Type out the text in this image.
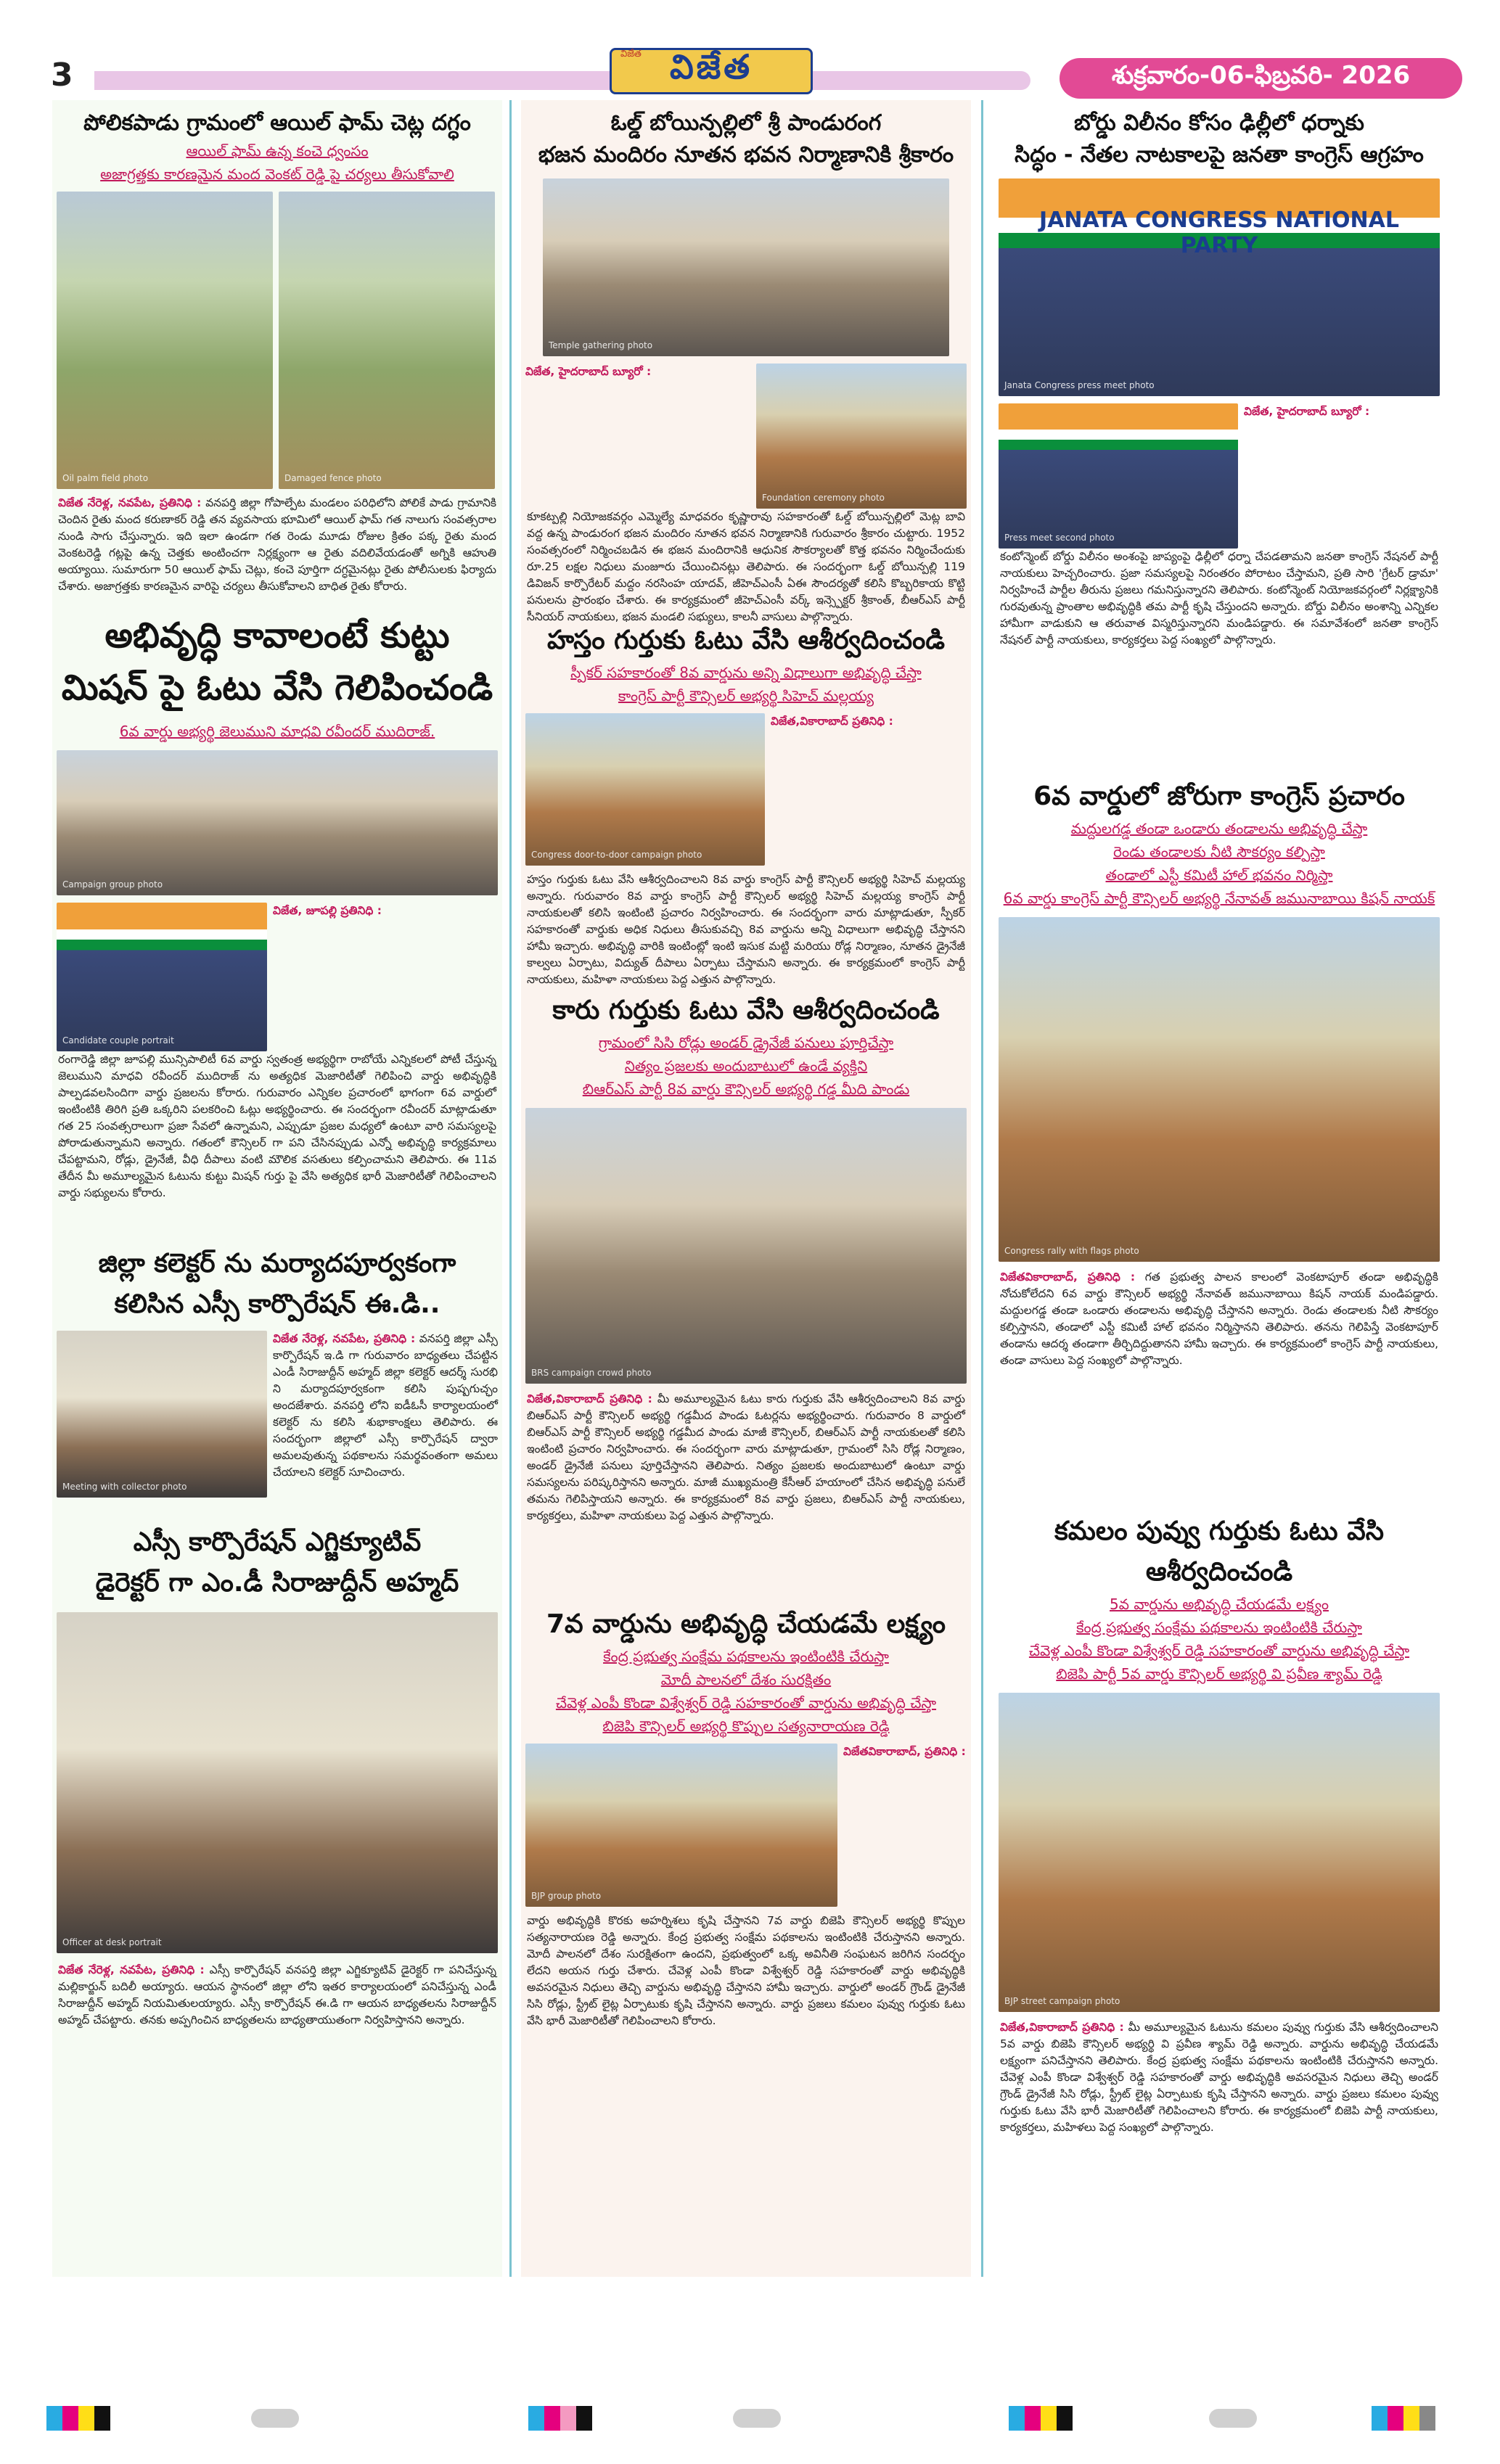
3
విజేత విజేత	శుక్రవారం-06-ఫిబ్రవరి- 2026
పోలికపాడు గ్రామంలో ఆయిల్ ఫామ్ చెట్ల దగ్ధం
ఆయిల్ ఫామ్ ఉన్న కంచె ధ్వంసం
అజాగ్రత్తకు కారణమైన మంద వెంకట్ రెడ్డి పై చర్యలు తీసుకోవాలి
Oil palm field photo	Damaged fence photo

విజేత నేరెళ్ల, నవపేట, ప్రతినిధి : వనపర్తి జిల్లా గోపాల్పేట మండలం పరిధిలోని పోలికే పాడు గ్రామానికి చెందిన రైతు మంద కరుణాకర్ రెడ్డి తన వ్యవసాయ భూమిలో ఆయిల్ ఫామ్ గత నాలుగు సంవత్సరాల నుండి సాగు చేస్తున్నారు. ఇది ఇలా ఉండగా గత రెండు మూడు రోజుల క్రితం పక్క రైతు మంద వెంకటరెడ్డి గట్లపై ఉన్న చెత్తకు అంటించగా నిర్లక్ష్యంగా ఆ రైతు వదిలివేయడంతో అగ్నికి ఆహుతి అయ్యాయి. సుమారుగా 50 ఆయిల్ ఫామ్ చెట్లు, కంచె పూర్తిగా దగ్ధమైనట్లు రైతు పోలీసులకు ఫిర్యాదు చేశారు. అజాగ్రత్తకు కారణమైన వారిపై చర్యలు తీసుకోవాలని బాధిత రైతు కోరారు.

అభివృద్ధి కావాలంటే కుట్టు
మిషన్ పై ఓటు వేసి గెలిపించండి
6వ వార్డు అభ్యర్థి జెలుముని మాధవి రవీందర్ ముదిరాజ్.
Campaign group photo
Candidate couple portrait

విజేత, జూపల్లి ప్రతినిధి :

రంగారెడ్డి జిల్లా జూపల్లి మున్సిపాలిటీ 6వ వార్డు స్వతంత్ర అభ్యర్థిగా రాబోయే ఎన్నికలలో పోటీ చేస్తున్న జెలుముని మాధవి రవీందర్ ముదిరాజ్ ను అత్యధిక మెజారిటీతో గెలిపించి వార్డు అభివృద్ధికి పాల్పడవలసిందిగా వార్డు ప్రజలను కోరారు. గురువారం ఎన్నికల ప్రచారంలో భాగంగా 6వ వార్డులో ఇంటింటికి తిరిగి ప్రతి ఒక్కరిని పలకరించి ఓట్లు అభ్యర్థించారు. ఈ సందర్భంగా రవీందర్ మాట్లాడుతూ గత 25 సంవత్సరాలుగా ప్రజా సేవలో ఉన్నామని, ఎప్పుడూ ప్రజల మధ్యలో ఉంటూ వారి సమస్యలపై పోరాడుతున్నామని అన్నారు. గతంలో కౌన్సిలర్ గా పని చేసినప్పుడు ఎన్నో అభివృద్ధి కార్యక్రమాలు చేపట్టామని, రోడ్లు, డ్రైనేజీ, వీధి దీపాలు వంటి మౌలిక వసతులు కల్పించామని తెలిపారు. ఈ 11వ తేదీన మీ అమూల్యమైన ఓటును కుట్టు మిషన్ గుర్తు పై వేసి అత్యధిక భారీ మెజారిటీతో గెలిపించాలని వార్డు సభ్యులను కోరారు.

జిల్లా కలెక్టర్ ను మర్యాదపూర్వకంగా
కలిసిన ఎస్సీ కార్పొరేషన్ ఈ.డి..
Meeting with collector photo

విజేత నేరెళ్ల, నవపేట, ప్రతినిధి : వనపర్తి జిల్లా ఎస్సీ కార్పొరేషన్ ఇ.డి గా గురువారం బాధ్యతలు చేపట్టిన ఎండీ సిరాజుద్దీన్ అహ్మద్ జిల్లా కలెక్టర్ ఆదర్శ్ సురభి ని మర్యాదపూర్వకంగా కలిసి పుష్పగుచ్ఛం అందజేశారు. వనపర్తి లోని ఐడీఓసీ కార్యాలయంలో కలెక్టర్ ను కలిసి శుభాకాంక్షలు తెలిపారు. ఈ సందర్భంగా జిల్లాలో ఎస్సీ కార్పొరేషన్ ద్వారా అమలవుతున్న పథకాలను సమర్థవంతంగా అమలు చేయాలని కలెక్టర్ సూచించారు.

ఎస్సీ కార్పొరేషన్ ఎగ్జిక్యూటివ్
డైరెక్టర్ గా ఎం.డీ సిరాజుద్దీన్ అహ్మద్
Officer at desk portrait

విజేత నేరెళ్ల, నవపేట, ప్రతినిధి : ఎస్సీ కార్పొరేషన్ వనపర్తి జిల్లా ఎగ్జిక్యూటివ్ డైరెక్టర్ గా పనిచేస్తున్న మల్లికార్జున్ బదిలీ అయ్యారు. ఆయన స్థానంలో జిల్లా లోని ఇతర కార్యాలయంలో పనిచేస్తున్న ఎండీ సిరాజుద్దీన్ అహ్మద్ నియమితులయ్యారు. ఎస్సీ కార్పొరేషన్ ఈ.డి గా ఆయన బాధ్యతలను సిరాజుద్దీన్ అహ్మద్ చేపట్టారు. తనకు అప్పగించిన బాధ్యతలను బాధ్యతాయుతంగా నిర్వహిస్తానని అన్నారు.

ఓల్డ్ బోయిన్పల్లిలో శ్రీ పాండురంగ
భజన మందిరం నూతన భవన నిర్మాణానికి శ్రీకారం
Temple gathering photo

విజేత, హైదరాబాద్ బ్యూరో :

Foundation ceremony photo

కూకట్పల్లి నియోజకవర్గం ఎమ్మెల్యే మాధవరం కృష్ణారావు సహకారంతో ఓల్డ్ బోయిన్పల్లిలో మెట్ల బావి వద్ద ఉన్న పాండురంగ భజన మందిరం నూతన భవన నిర్మాణానికి గురువారం శ్రీకారం చుట్టారు. 1952 సంవత్సరంలో నిర్మించబడిన ఈ భజన మందిరానికి ఆధునిక సౌకర్యాలతో కొత్త భవనం నిర్మించేందుకు రూ.25 లక్షల నిధులు మంజూరు చేయించినట్లు తెలిపారు. ఈ సందర్భంగా ఓల్డ్ బోయిన్పల్లి 119 డివిజన్ కార్పొరేటర్ మద్దం నరసింహ యాదవ్, జీహెచ్ఎంసీ ఏఈ సౌందర్యతో కలిసి కొబ్బరికాయ కొట్టి పనులను ప్రారంభం చేశారు. ఈ కార్యక్రమంలో జీహెచ్ఎంసీ వర్క్ ఇన్స్పెక్టర్ శ్రీకాంత్, బీఆర్ఎస్ పార్టీ సీనియర్ నాయకులు, భజన మండలి సభ్యులు, కాలనీ వాసులు పాల్గొన్నారు.

హస్తం గుర్తుకు ఓటు వేసి ఆశీర్వదించండి
స్పీకర్ సహకారంతో 8వ వార్డును అన్ని విధాలుగా అభివృద్ధి చేస్తా
కాంగ్రెస్ పార్టీ కౌన్సిలర్ అభ్యర్థి సిహెచ్ మల్లయ్య
Congress door-to-door campaign photo

విజేత,వికారాబాద్ ప్రతినిధి :

హస్తం గుర్తుకు ఓటు వేసి ఆశీర్వదించాలని 8వ వార్డు కాంగ్రెస్ పార్టీ కౌన్సిలర్ అభ్యర్థి సిహెచ్ మల్లయ్య అన్నారు. గురువారం 8వ వార్డు కాంగ్రెస్ పార్టీ కౌన్సిలర్ అభ్యర్థి సిహెచ్ మల్లయ్య కాంగ్రెస్ పార్టీ నాయకులతో కలిసి ఇంటింటి ప్రచారం నిర్వహించారు. ఈ సందర్భంగా వారు మాట్లాడుతూ, స్పీకర్ సహకారంతో వార్డుకు అధిక నిధులు తీసుకువచ్చి 8వ వార్డును అన్ని విధాలుగా అభివృద్ధి చేస్తానని హామీ ఇచ్చారు. అభివృద్ధి వారికి ఇంటింట్లో ఇంటి ఇసుక మట్టి మరియు రోడ్ల నిర్మాణం, నూతన డ్రైనేజీ కాల్వలు ఏర్పాటు, విద్యుత్ దీపాలు ఏర్పాటు చేస్తామని అన్నారు. ఈ కార్యక్రమంలో కాంగ్రెస్ పార్టీ నాయకులు, మహిళా నాయకులు పెద్ద ఎత్తున పాల్గొన్నారు.

కారు గుర్తుకు ఓటు వేసి ఆశీర్వదించండి
గ్రామంలో సిసి రోడ్లు అండర్ డ్రైనేజీ పనులు పూర్తిచేస్తా
నిత్యం ప్రజలకు అందుబాటులో ఉండే వ్యక్తిని
బిఆర్ఎస్ పార్టీ 8వ వార్డు కౌన్సిలర్ అభ్యర్థి గడ్డ మీది పాండు
BRS campaign crowd photo

విజేత,వికారాబాద్ ప్రతినిధి : మీ అమూల్యమైన ఓటు కారు గుర్తుకు వేసి ఆశీర్వదించాలని 8వ వార్డు బిఆర్ఎస్ పార్టీ కౌన్సిలర్ అభ్యర్థి గడ్డమీద పాండు ఓటర్లను అభ్యర్థించారు. గురువారం 8 వార్డులో బిఆర్ఎస్ పార్టీ కౌన్సిలర్ అభ్యర్థి గడ్డమీద పాండు మాజీ కౌన్సిలర్, బిఆర్ఎస్ పార్టీ నాయకులతో కలిసి ఇంటింటి ప్రచారం నిర్వహించారు. ఈ సందర్భంగా వారు మాట్లాడుతూ, గ్రామంలో సిసి రోడ్ల నిర్మాణం, అండర్ డ్రైనేజీ పనులు పూర్తిచేస్తానని తెలిపారు. నిత్యం ప్రజలకు అందుబాటులో ఉంటూ వార్డు సమస్యలను పరిష్కరిస్తానని అన్నారు. మాజీ ముఖ్యమంత్రి కేసీఆర్ హయాంలో చేసిన అభివృద్ధి పనులే తమను గెలిపిస్తాయని అన్నారు. ఈ కార్యక్రమంలో 8వ వార్డు ప్రజలు, బిఆర్ఎస్ పార్టీ నాయకులు, కార్యకర్తలు, మహిళా నాయకులు పెద్ద ఎత్తున పాల్గొన్నారు.

7వ వార్డును అభివృద్ధి చేయడమే లక్ష్యం
కేంద్ర ప్రభుత్వ సంక్షేమ పథకాలను ఇంటింటికి చేరుస్తా
మోదీ పాలనలో దేశం సురక్షితం
చేవెళ్ల ఎంపీ కొండా విశ్వేశ్వర్ రెడ్డి సహకారంతో వార్డును అభివృద్ధి చేస్తా
బిజెపి కౌన్సిలర్ అభ్యర్థి కొప్పుల సత్యనారాయణ రెడ్డి
BJP group photo

విజేతవికారాబాద్, ప్రతినిధి :

వార్డు అభివృద్ధికి కొరకు అహర్నిశలు కృషి చేస్తానని 7వ వార్డు బిజెపి కౌన్సిలర్ అభ్యర్థి కొప్పుల సత్యనారాయణ రెడ్డి అన్నారు. కేంద్ర ప్రభుత్వ సంక్షేమ పథకాలను ఇంటింటికి చేరుస్తానని అన్నారు. మోదీ పాలనలో దేశం సురక్షితంగా ఉందని, ప్రభుత్వంలో ఒక్క అవినీతి సంఘటన జరిగిన సందర్భం లేదని అయన గుర్తు చేశారు. చేవెళ్ల ఎంపీ కొండా విశ్వేశ్వర్ రెడ్డి సహకారంతో వార్డు అభివృద్ధికి అవసరమైన నిధులు తెచ్చి వార్డును అభివృద్ధి చేస్తానని హామీ ఇచ్చారు. వార్డులో అండర్ గ్రౌండ్ డ్రైనేజీ సిసి రోడ్లు, స్ట్రీట్ లైట్ల ఏర్పాటుకు కృషి చేస్తానని అన్నారు. వార్డు ప్రజలు కమలం పువ్వు గుర్తుకు ఓటు వేసి భారీ మెజారిటీతో గెలిపించాలని కోరారు.

బోర్డు విలీనం కోసం ఢిల్లీలో ధర్నాకు
సిద్ధం - నేతల నాటకాలపై జనతా కాంగ్రెస్ ఆగ్రహం
JANATA CONGRESS NATIONAL PARTY
Janata Congress press meet photo
Press meet second photo

విజేత, హైదరాబాద్ బ్యూరో :

కంటోన్మెంట్ బోర్డు విలీనం అంశంపై జాప్యంపై ఢిల్లీలో ధర్నా చేపడతామని జనతా కాంగ్రెస్ నేషనల్ పార్టీ నాయకులు హెచ్చరించారు. ప్రజా సమస్యలపై నిరంతరం పోరాటం చేస్తామని, ప్రతి సారి 'గ్రేటర్ డ్రామా' నిర్వహించే పార్టీల తీరును ప్రజలు గమనిస్తున్నారని తెలిపారు. కంటోన్మెంట్ నియోజకవర్గంలో నిర్లక్ష్యానికి గురవుతున్న ప్రాంతాల అభివృద్ధికి తమ పార్టీ కృషి చేస్తుందని అన్నారు. బోర్డు విలీనం అంశాన్ని ఎన్నికల హామీగా వాడుకుని ఆ తరువాత విస్మరిస్తున్నారని మండిపడ్డారు. ఈ సమావేశంలో జనతా కాంగ్రెస్ నేషనల్ పార్టీ నాయకులు, కార్యకర్తలు పెద్ద సంఖ్యలో పాల్గొన్నారు.

6వ వార్డులో జోరుగా కాంగ్రెస్ ప్రచారం
మద్దులగడ్డ తండా ఒండారు తండాలను అభివృద్ధి చేస్తా
రెండు తండాలకు నీటి సౌకర్యం కల్పిస్తా
తండాలో ఎస్టీ కమిటీ హాల్ భవనం నిర్మిస్తా
6వ వార్డు కాంగ్రెస్ పార్టీ కౌన్సిలర్ అభ్యర్థి నేనావత్ జమునాబాయి కిషన్ నాయక్
Congress rally with flags photo

విజేతవికారాబాద్, ప్రతినిధి : గత ప్రభుత్వ పాలన కాలంలో వెంకటాపూర్ తండా అభివృద్ధికి నోచుకోలేదని 6వ వార్డు కౌన్సిలర్ అభ్యర్థి నేనావత్ జమునాబాయి కిషన్ నాయక్ మండిపడ్డారు. మద్దులగడ్డ తండా ఒండారు తండాలను అభివృద్ధి చేస్తానని అన్నారు. రెండు తండాలకు నీటి సౌకర్యం కల్పిస్తానని, తండాలో ఎస్టీ కమిటీ హాల్ భవనం నిర్మిస్తానని తెలిపారు. తనను గెలిపిస్తే వెంకటాపూర్ తండాను ఆదర్శ తండాగా తీర్చిదిద్దుతానని హామీ ఇచ్చారు. ఈ కార్యక్రమంలో కాంగ్రెస్ పార్టీ నాయకులు, తండా వాసులు పెద్ద సంఖ్యలో పాల్గొన్నారు.

కమలం పువ్వు గుర్తుకు ఓటు వేసి ఆశీర్వదించండి
5వ వార్డును అభివృద్ధి చేయడమే లక్ష్యం
కేంద్ర ప్రభుత్వ సంక్షేమ పథకాలను ఇంటింటికి చేరుస్తా
చేవెళ్ల ఎంపీ కొండా విశ్వేశ్వర్ రెడ్డి సహకారంతో వార్డును అభివృద్ధి చేస్తా
బిజెపి పార్టీ 5వ వార్డు కౌన్సిలర్ అభ్యర్థి వి ప్రవీణ శ్యామ్ రెడ్డి
BJP street campaign photo

విజేత,వికారాబాద్ ప్రతినిధి : మీ అమూల్యమైన ఓటును కమలం పువ్వు గుర్తుకు వేసి ఆశీర్వదించాలని 5వ వార్డు బిజెపి కౌన్సిలర్ అభ్యర్థి వి ప్రవీణ శ్యామ్ రెడ్డి అన్నారు. వార్డును అభివృద్ధి చేయడమే లక్ష్యంగా పనిచేస్తానని తెలిపారు. కేంద్ర ప్రభుత్వ సంక్షేమ పథకాలను ఇంటింటికి చేరుస్తానని అన్నారు. చేవెళ్ల ఎంపీ కొండా విశ్వేశ్వర్ రెడ్డి సహకారంతో వార్డు అభివృద్ధికి అవసరమైన నిధులు తెచ్చి అండర్ గ్రౌండ్ డ్రైనేజీ సిసి రోడ్లు, స్ట్రీట్ లైట్ల ఏర్పాటుకు కృషి చేస్తానని అన్నారు. వార్డు ప్రజలు కమలం పువ్వు గుర్తుకు ఓటు వేసి భారీ మెజారిటీతో గెలిపించాలని కోరారు. ఈ కార్యక్రమంలో బిజెపి పార్టీ నాయకులు, కార్యకర్తలు, మహిళలు పెద్ద సంఖ్యలో పాల్గొన్నారు.
